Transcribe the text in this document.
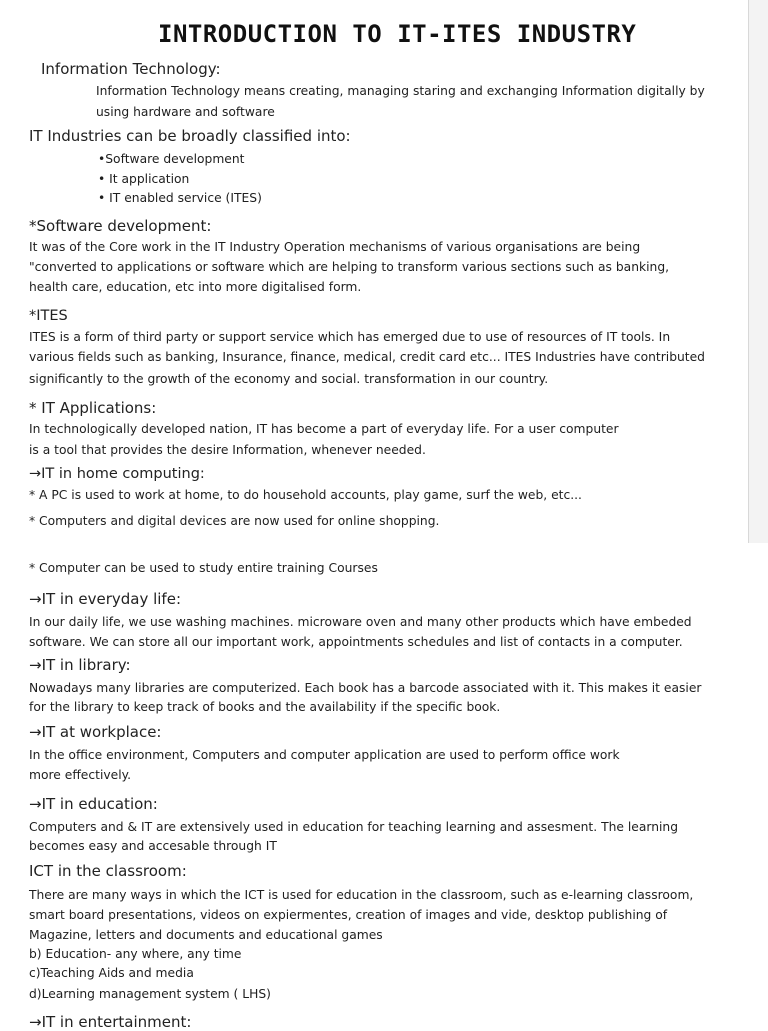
INTRODUCTION TO IT-ITES INDUSTRY
Information Technology:
Information Technology means creating, managing staring and exchanging Information digitally by
using hardware and software
IT Industries can be broadly classified into:
•Software development
• It application
• IT enabled service (ITES)
*Software development:
It was of the Core work in the IT Industry Operation mechanisms of various organisations are being
"converted to applications or software which are helping to transform various sections such as banking,
health care, education, etc into more digitalised form.
*ITES
ITES is a form of third party or support service which has emerged due to use of resources of IT tools. In
various fields such as banking, Insurance, finance, medical, credit card etc... ITES Industries have contributed
significantly to the growth of the economy and social. transformation in our country.
* IT Applications:
In technologically developed nation, IT has become a part of everyday life. For a user computer
is a tool that provides the desire Information, whenever needed.
→IT in home computing:
* A PC is used to work at home, to do household accounts, play game, surf the web, etc...
* Computers and digital devices are now used for online shopping.
* Computer can be used to study entire training Courses
→IT in everyday life:
In our daily life, we use washing machines. microware oven and many other products which have embeded
software. We can store all our important work, appointments schedules and list of contacts in a computer.
→IT in library:
Nowadays many libraries are computerized. Each book has a barcode associated with it. This makes it easier
for the library to keep track of books and the availability if the specific book.
→IT at workplace:
In the office environment, Computers and computer application are used to perform office work
more effectively.
→IT in education:
Computers and & IT are extensively used in education for teaching learning and assesment. The learning
becomes easy and accesable through IT
ICT in the classroom:
There are many ways in which the ICT is used for education in the classroom, such as e-learning classroom,
smart board presentations, videos on expiermentes, creation of images and vide, desktop publishing of
Magazine, letters and documents and educational games
b) Education- any where, any time
c)Teaching Aids and media
d)Learning management system ( LHS)
→IT in entertainment:
